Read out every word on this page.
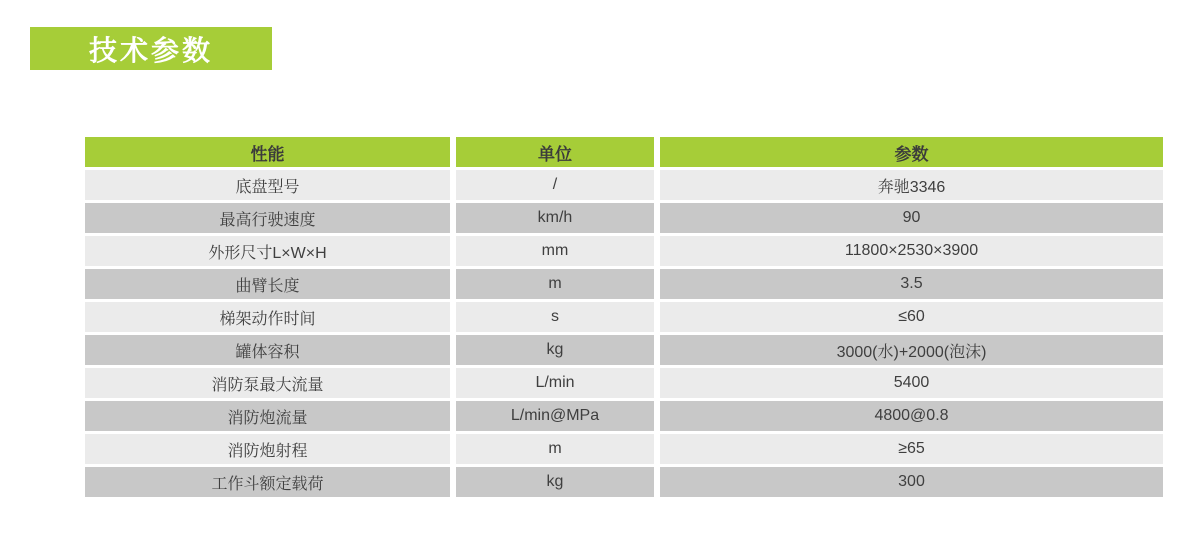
技术参数
性能	单位	参数
底盘型号	/	奔驰3346
最高行驶速度	km/h	90
外形尺寸L×W×H	mm	11800×2530×3900
曲臂长度	m	3.5
梯架动作时间	s	≤60
罐体容积	kg	3000(水)+2000(泡沫)
消防泵最大流量	L/min	5400
消防炮流量	L/min@MPa	4800@0.8
消防炮射程	m	≥65
工作斗额定载荷	kg	300
